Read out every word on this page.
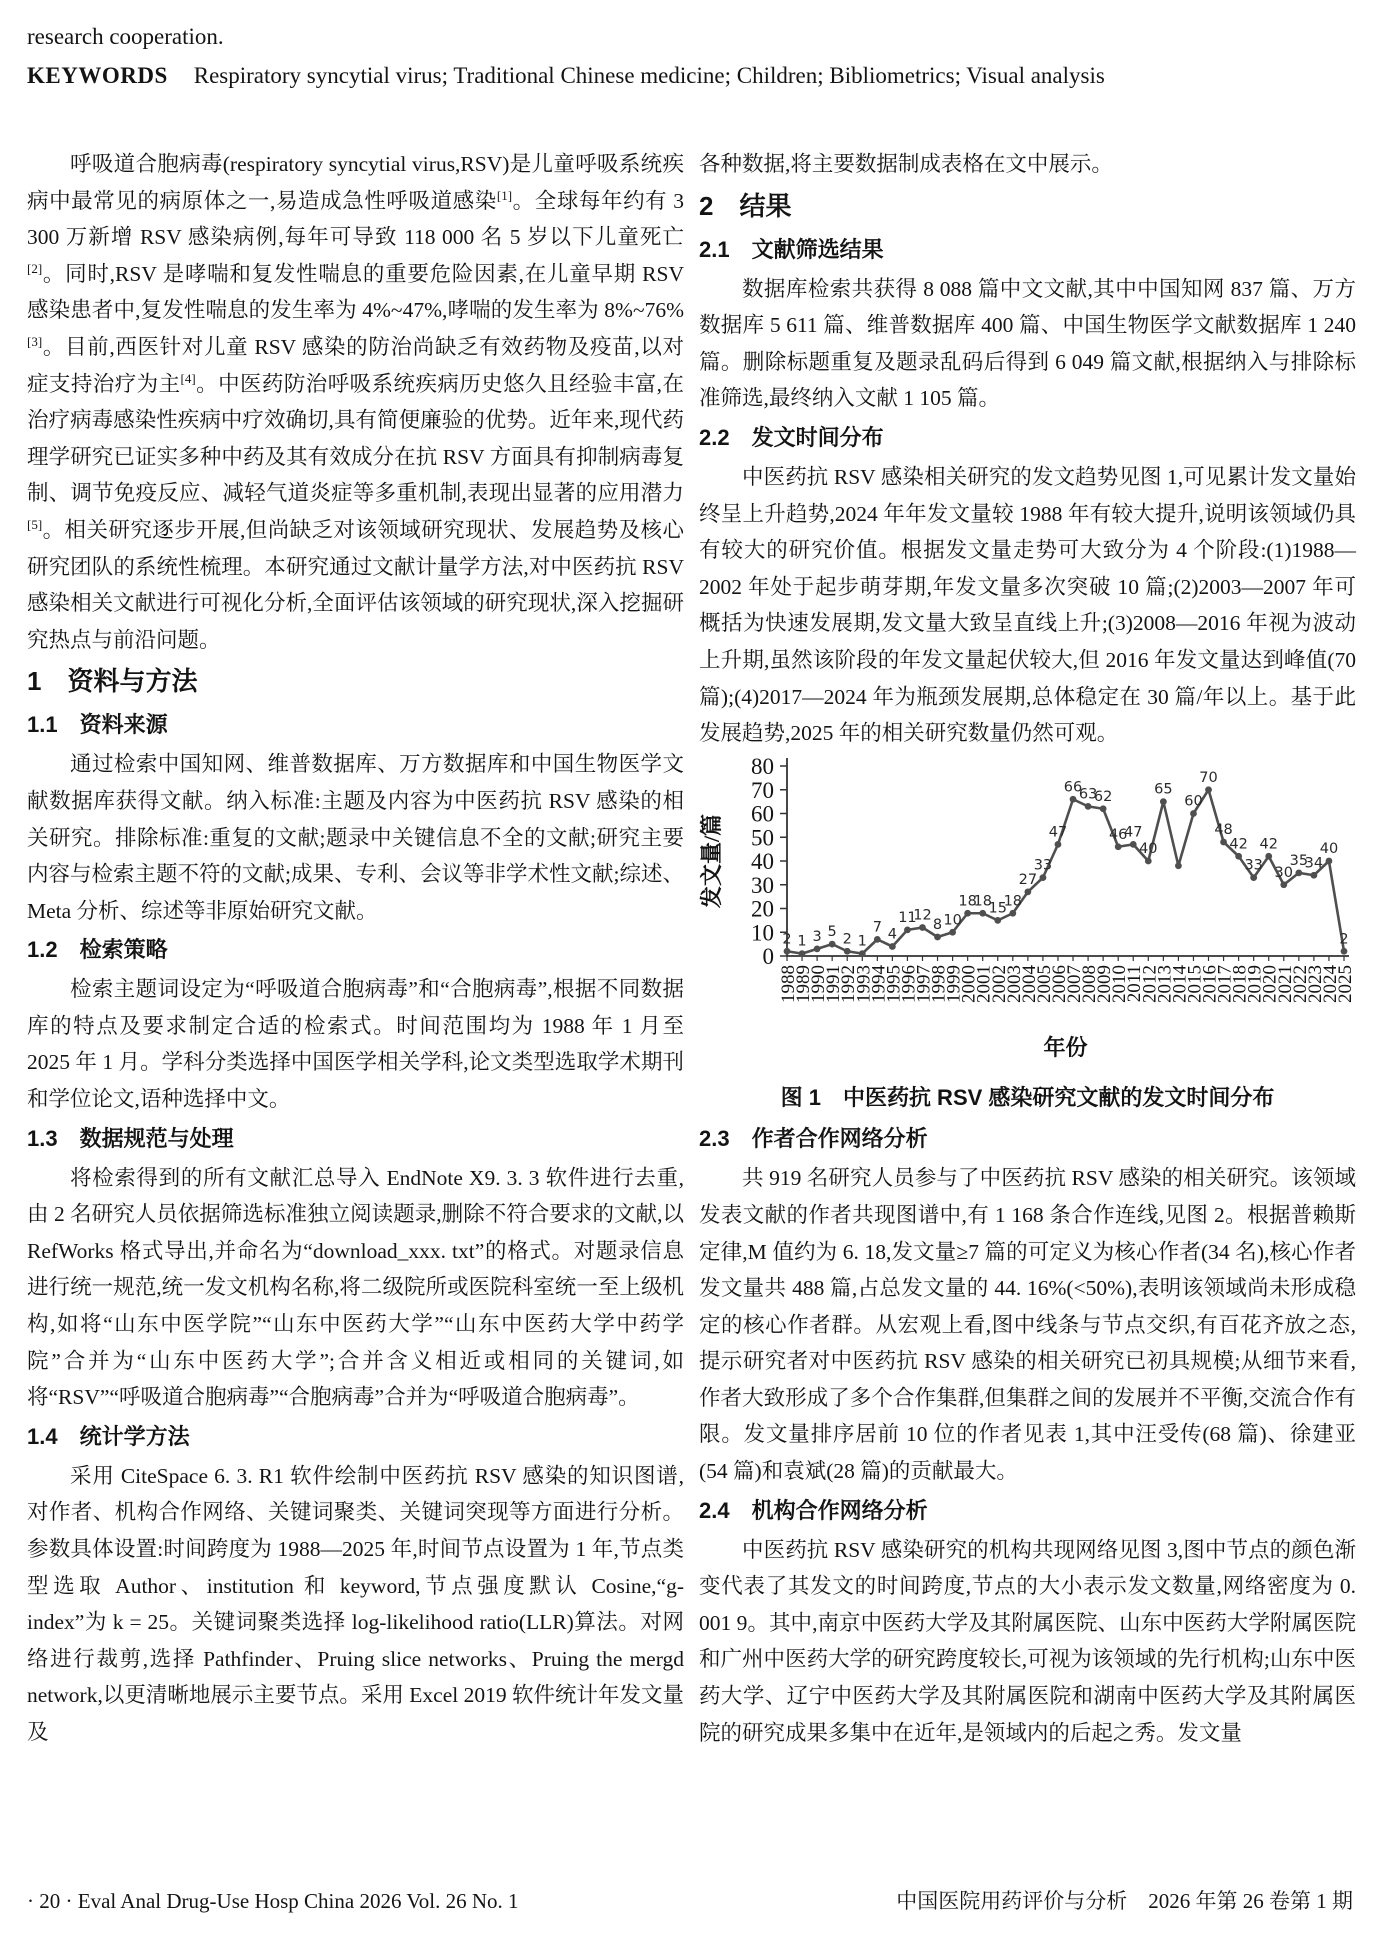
research cooperation.
KEYWORDS Respiratory syncytial virus; Traditional Chinese medicine; Children; Bibliometrics; Visual analysis

呼吸道合胞病毒(respiratory syncytial virus,RSV)是儿童呼吸系统疾病中最常见的病原体之一,易造成急性呼吸道感染[1]。全球每年约有 3 300 万新增 RSV 感染病例,每年可导致 118 000 名 5 岁以下儿童死亡[2]。同时,RSV 是哮喘和复发性喘息的重要危险因素,在儿童早期 RSV 感染患者中,复发性喘息的发生率为 4%~47%,哮喘的发生率为 8%~76%[3]。目前,西医针对儿童 RSV 感染的防治尚缺乏有效药物及疫苗,以对症支持治疗为主[4]。中医药防治呼吸系统疾病历史悠久且经验丰富,在治疗病毒感染性疾病中疗效确切,具有简便廉验的优势。近年来,现代药理学研究已证实多种中药及其有效成分在抗 RSV 方面具有抑制病毒复制、调节免疫反应、减轻气道炎症等多重机制,表现出显著的应用潜力[5]。相关研究逐步开展,但尚缺乏对该领域研究现状、发展趋势及核心研究团队的系统性梳理。本研究通过文献计量学方法,对中医药抗 RSV 感染相关文献进行可视化分析,全面评估该领域的研究现状,深入挖掘研究热点与前沿问题。

1　资料与方法
1.1　资料来源

通过检索中国知网、维普数据库、万方数据库和中国生物医学文献数据库获得文献。纳入标准:主题及内容为中医药抗 RSV 感染的相关研究。排除标准:重复的文献;题录中关键信息不全的文献;研究主要内容与检索主题不符的文献;成果、专利、会议等非学术性文献;综述、Meta 分析、综述等非原始研究文献。

1.2　检索策略

检索主题词设定为“呼吸道合胞病毒”和“合胞病毒”,根据不同数据库的特点及要求制定合适的检索式。时间范围均为 1988 年 1 月至 2025 年 1 月。学科分类选择中国医学相关学科,论文类型选取学术期刊和学位论文,语种选择中文。

1.3　数据规范与处理

将检索得到的所有文献汇总导入 EndNote X9. 3. 3 软件进行去重,由 2 名研究人员依据筛选标准独立阅读题录,删除不符合要求的文献,以 RefWorks 格式导出,并命名为“download_xxx. txt”的格式。对题录信息进行统一规范,统一发文机构名称,将二级院所或医院科室统一至上级机构,如将“山东中医学院”“山东中医药大学”“山东中医药大学中药学院”合并为“山东中医药大学”;合并含义相近或相同的关键词,如将“RSV”“呼吸道合胞病毒”“合胞病毒”合并为“呼吸道合胞病毒”。

1.4　统计学方法

采用 CiteSpace 6. 3. R1 软件绘制中医药抗 RSV 感染的知识图谱,对作者、机构合作网络、关键词聚类、关键词突现等方面进行分析。参数具体设置:时间跨度为 1988—2025 年,时间节点设置为 1 年,节点类型选取 Author、institution 和 keyword,节点强度默认 Cosine,“g-index”为 k = 25。关键词聚类选择 log-likelihood ratio(LLR)算法。对网络进行裁剪,选择 Pathfinder、Pruing slice networks、Pruing the mergd network,以更清晰地展示主要节点。采用 Excel 2019 软件统计年发文量及

各种数据,将主要数据制成表格在文中展示。

2　结果
2.1　文献筛选结果

数据库检索共获得 8 088 篇中文文献,其中中国知网 837 篇、万方数据库 5 611 篇、维普数据库 400 篇、中国生物医学文献数据库 1 240 篇。删除标题重复及题录乱码后得到 6 049 篇文献,根据纳入与排除标准筛选,最终纳入文献 1 105 篇。

2.2　发文时间分布

中医药抗 RSV 感染相关研究的发文趋势见图 1,可见累计发文量始终呈上升趋势,2024 年年发文量较 1988 年有较大提升,说明该领域仍具有较大的研究价值。根据发文量走势可大致分为 4 个阶段:(1)1988—2002 年处于起步萌芽期,年发文量多次突破 10 篇;(2)2003—2007 年可概括为快速发展期,发文量大致呈直线上升;(3)2008—2016 年视为波动上升期,虽然该阶段的年发文量起伏较大,但 2016 年发文量达到峰值(70 篇);(4)2017—2024 年为瓶颈发展期,总体稳定在 30 篇/年以上。基于此发展趋势,2025 年的相关研究数量仍然可观。

0
10
20
30
40
50
60
70
80
1988
1989
1990
1991
1992
1993
1994
1995
1996
1997
1998
1999
2000
2001
2002
2003
2004
2005
2006
2007
2008
2009
2010
2011
2012
2013
2014
2015
2016
2017
2018
2019
2020
2021
2022
2023
2024
2025
2 1 3 5 2 1
7 4
11
12
8 10
18
18
15
18
27
33
47
66
63
62
46
47
40
65
60
70
48
42
33
42
30
35
34
40
2
发文量/篇
年份
图 1　中医药抗 RSV 感染研究文献的发文时间分布
2.3　作者合作网络分析

共 919 名研究人员参与了中医药抗 RSV 感染的相关研究。该领域发表文献的作者共现图谱中,有 1 168 条合作连线,见图 2。根据普赖斯定律,M 值约为 6. 18,发文量≥7 篇的可定义为核心作者(34 名),核心作者发文量共 488 篇,占总发文量的 44. 16%(<50%),表明该领域尚未形成稳定的核心作者群。从宏观上看,图中线条与节点交织,有百花齐放之态,提示研究者对中医药抗 RSV 感染的相关研究已初具规模;从细节来看,作者大致形成了多个合作集群,但集群之间的发展并不平衡,交流合作有限。发文量排序居前 10 位的作者见表 1,其中汪受传(68 篇)、徐建亚(54 篇)和袁斌(28 篇)的贡献最大。

2.4　机构合作网络分析

中医药抗 RSV 感染研究的机构共现网络见图 3,图中节点的颜色渐变代表了其发文的时间跨度,节点的大小表示发文数量,网络密度为 0. 001 9。其中,南京中医药大学及其附属医院、山东中医药大学附属医院和广州中医药大学的研究跨度较长,可视为该领域的先行机构;山东中医药大学、辽宁中医药大学及其附属医院和湖南中医药大学及其附属医院的研究成果多集中在近年,是领域内的后起之秀。发文量

· 20 · Eval Anal Drug-Use Hosp China 2026 Vol. 26 No. 1	中国医院用药评价与分析　2026 年第 26 卷第 1 期
